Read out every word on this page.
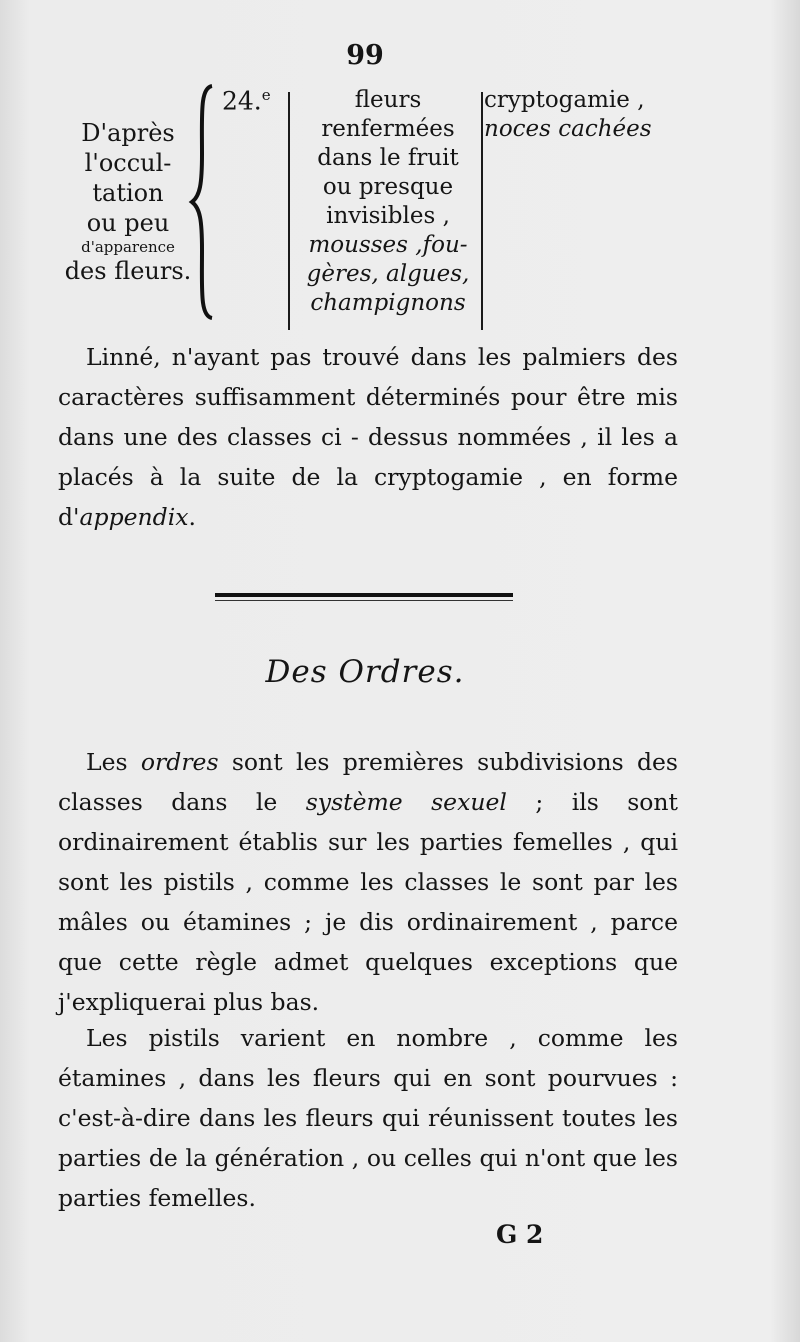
99
D'après
l'occul-
tation
ou peu
d'apparence
des fleurs.
24.$^e$	fleurs
renfermées
dans le fruit
ou presque
invisibles ,
mousses ,fou-
gères, algues,
champignons
cryptogamie ,
noces cachées
Linné, n'ayant pas trouvé dans les palmiers des caractères suffisamment déterminés pour être mis dans une des classes ci - dessus nommées , il les a placés à la suite de la cryptogamie , en forme d'appendix.
Des Ordres.
Les ordres sont les premières subdivisions des classes dans le système sexuel ; ils sont ordinairement établis sur les parties femelles , qui sont les pistils , comme les classes le sont par les mâles ou étamines ; je dis ordinairement , parce que cette règle admet quelques exceptions que j'expliquerai plus bas.
Les pistils varient en nombre , comme les étamines , dans les fleurs qui en sont pourvues : c'est-à-dire dans les fleurs qui réunissent toutes les parties de la génération , ou celles qui n'ont que les parties femelles.
G 2
